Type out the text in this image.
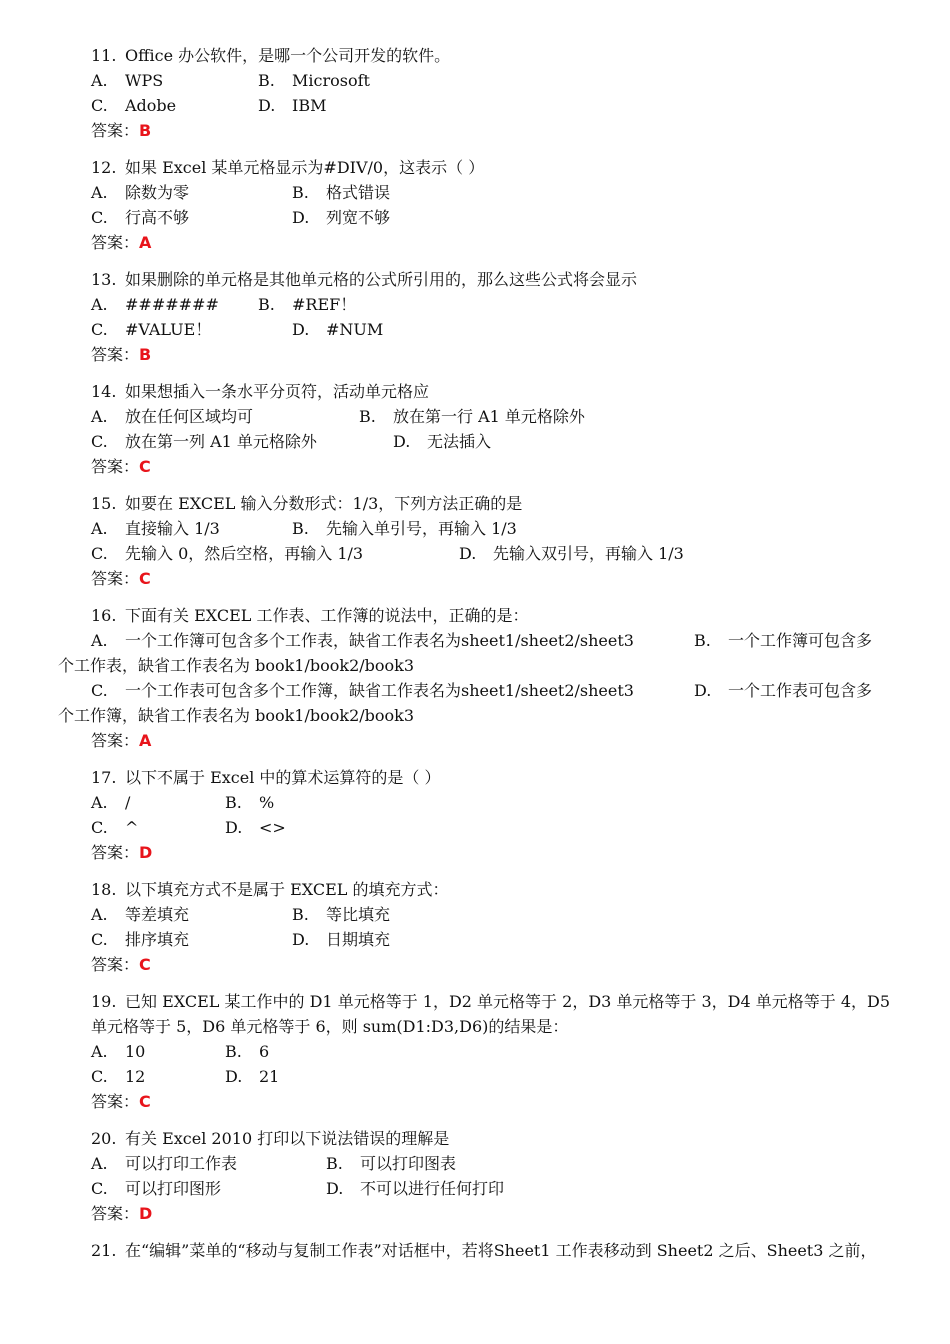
11. Office 办公软件，是哪一个公司开发的软件。
A. WPS	B. Microsoft
C. Adobe	D. IBM
答案：B
12. 如果 Excel 某单元格显示为#DIV/0，这表示（ ）
A. 除数为零	B. 格式错误
C. 行高不够	D. 列宽不够
答案：A
13. 如果删除的单元格是其他单元格的公式所引用的，那么这些公式将会显示
A. ####### B. #REF！
C. #VALUE！	D. #NUM
答案：B
14. 如果想插入一条水平分页符，活动单元格应
A. 放在任何区域均可	B. 放在第一行 A1 单元格除外
C. 放在第一列 A1 单元格除外	D. 无法插入
答案：C
15. 如要在 EXCEL 输入分数形式：1/3，下列方法正确的是
A. 直接输入 1/3	B. 先输入单引号，再输入 1/3
C. 先输入 0，然后空格，再输入 1/3	D. 先输入双引号，再输入 1/3
答案：C
16. 下面有关 EXCEL 工作表、工作簿的说法中，正确的是：
A. 一个工作簿可包含多个工作表，缺省工作表名为sheet1/sheet2/sheet3	B. 一个工作簿可包含多
个工作表，缺省工作表名为 book1/book2/book3
C. 一个工作表可包含多个工作簿，缺省工作表名为sheet1/sheet2/sheet3	D. 一个工作表可包含多
个工作簿，缺省工作表名为 book1/book2/book3
答案：A
17. 以下不属于 Excel 中的算术运算符的是（ ）
A. /	B. %
C. ^	D. <>
答案：D
18. 以下填充方式不是属于 EXCEL 的填充方式：
A. 等差填充	B. 等比填充
C. 排序填充	D. 日期填充
答案：C
19. 已知 EXCEL 某工作中的 D1 单元格等于 1，D2 单元格等于 2，D3 单元格等于 3，D4 单元格等于 4，D5
单元格等于 5，D6 单元格等于 6，则 sum(D1:D3,D6)的结果是：
A. 10	B. 6
C. 12	D. 21
答案：C
20. 有关 Excel 2010 打印以下说法错误的理解是
A. 可以打印工作表	B. 可以打印图表
C. 可以打印图形	D. 不可以进行任何打印
答案：D
21. 在“编辑”菜单的“移动与复制工作表”对话框中，若将Sheet1 工作表移动到 Sheet2 之后、Sheet3 之前，
